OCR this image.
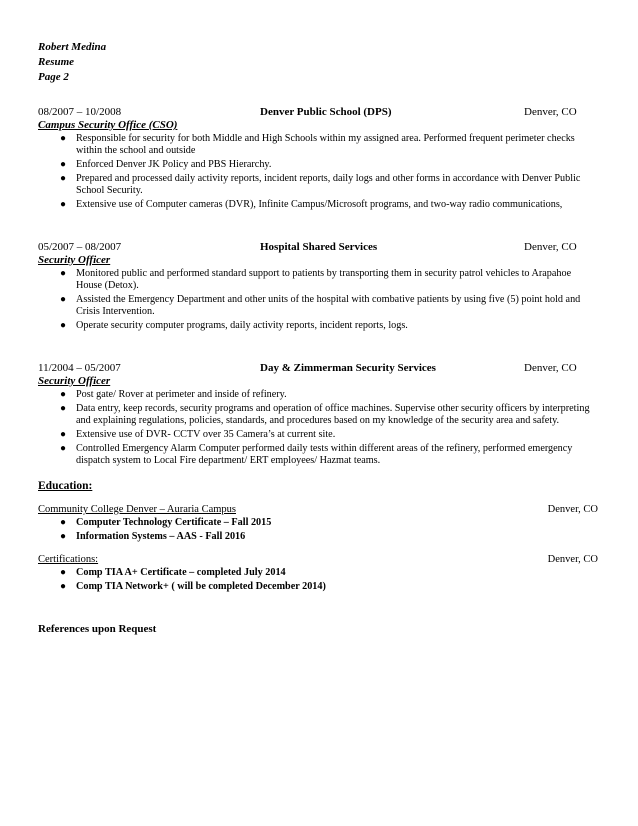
Robert Medina
Resume
Page 2
08/2007 – 10/2008	Denver Public School (DPS)	Denver, CO
Campus Security Office (CSO)
● Responsible for security for both Middle and High Schools within my assigned area. Performed frequent perimeter checks within the school and outside
● Enforced Denver JK Policy and PBS Hierarchy.
● Prepared and processed daily activity reports, incident reports, daily logs and other forms in accordance with Denver Public School Security.
● Extensive use of Computer cameras (DVR), Infinite Campus/Microsoft programs, and two-way radio communications,
05/2007 – 08/2007	Hospital Shared Services	Denver, CO
Security Officer
● Monitored public and performed standard support to patients by transporting them in security patrol vehicles to Arapahoe House (Detox).
● Assisted the Emergency Department and other units of the hospital with combative patients by using five (5) point hold and Crisis Intervention.
● Operate security computer programs, daily activity reports, incident reports, logs.
11/2004 – 05/2007	Day & Zimmerman Security Services	Denver, CO
Security Officer
● Post gate/ Rover at perimeter and inside of refinery.
● Data entry, keep records, security programs and operation of office machines. Supervise other security officers by interpreting and explaining regulations, policies, standards, and procedures based on my knowledge of the security area and safety.
● Extensive use of DVR- CCTV over 35 Camera’s at current site.
● Controlled Emergency Alarm Computer performed daily tests within different areas of the refinery, performed emergency dispatch system to Local Fire department/ ERT employees/ Hazmat teams.
Education:
Community College Denver – Auraria Campus	Denver, CO
● Computer Technology Certificate – Fall 2015
● Information Systems – AAS - Fall 2016
Certifications:	Denver, CO
● Comp TIA A+ Certificate – completed July 2014
● Comp TIA Network+ ( will be completed December 2014)
References upon Request
